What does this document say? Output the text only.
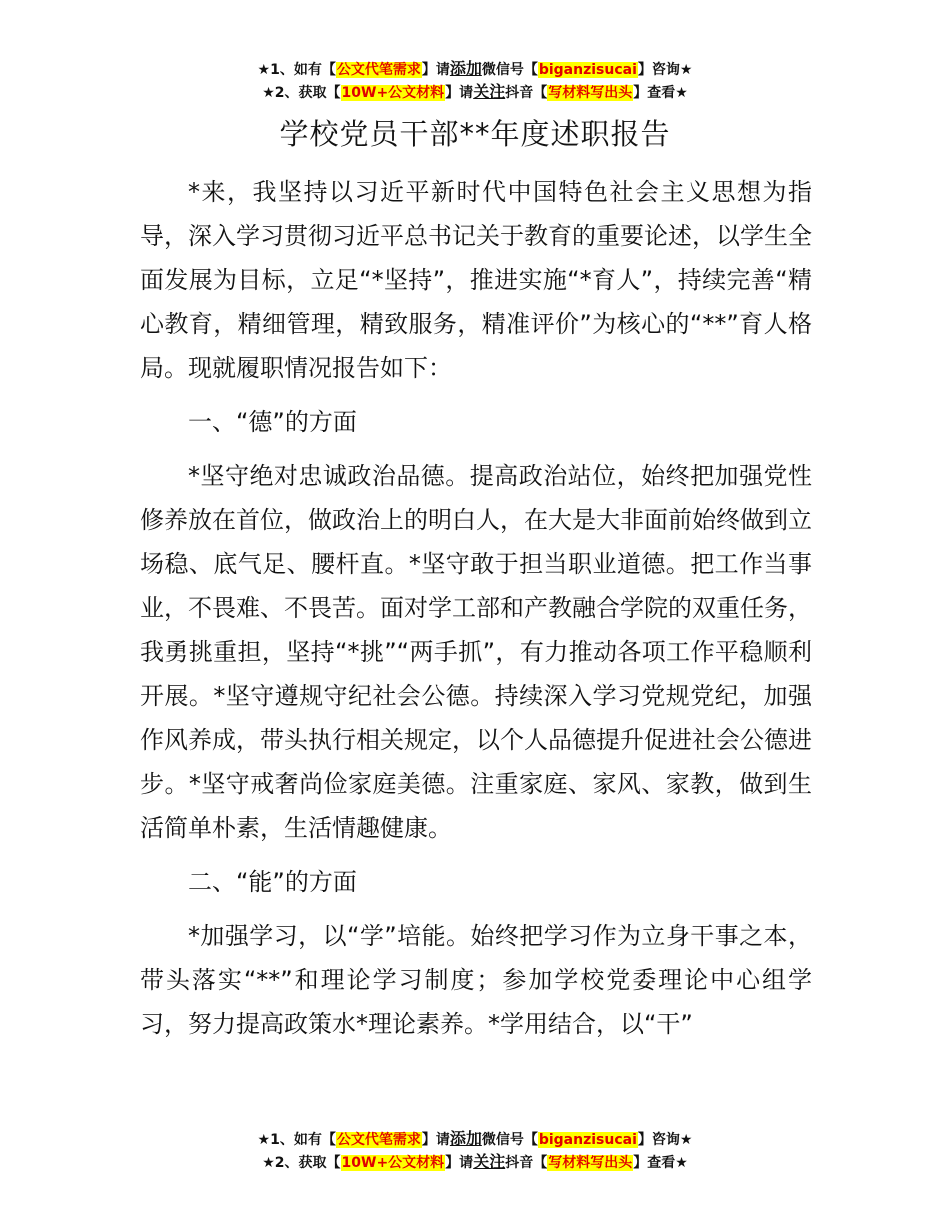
★1、如有【公文代笔需求】请添加微信号【biganzisucai】咨询★
★2、获取【10W+公文材料】请关注抖音【写材料写出头】查看★
学校党员干部**年度述职报告

*来，我坚持以习近平新时代中国特色社会主义思想为指导，深入学习贯彻习近平总书记关于教育的重要论述，以学生全面发展为目标，立足“*坚持”，推进实施“*育人”，持续完善“精心教育，精细管理，精致服务，精准评价”为核心的“**”育人格局。现就履职情况报告如下：

一、“德”的方面

*坚守绝对忠诚政治品德。提高政治站位，始终把加强党性修养放在首位，做政治上的明白人，在大是大非面前始终做到立场稳、底气足、腰杆直。*坚守敢于担当职业道德。把工作当事业，不畏难、不畏苦。面对学工部和产教融合学院的双重任务，我勇挑重担，坚持“*挑”“两手抓”，有力推动各项工作平稳顺利开展。*坚守遵规守纪社会公德。持续深入学习党规党纪，加强作风养成，带头执行相关规定，以个人品德提升促进社会公德进步。*坚守戒奢尚俭家庭美德。注重家庭、家风、家教，做到生活简单朴素，生活情趣健康。

二、“能”的方面

*加强学习，以“学”培能。始终把学习作为立身干事之本，带头落实“**”和理论学习制度；参加学校党委理论中心组学习，努力提高政策水*理论素养。*学用结合，以“干”

★1、如有【公文代笔需求】请添加微信号【biganzisucai】咨询★
★2、获取【10W+公文材料】请关注抖音【写材料写出头】查看★
